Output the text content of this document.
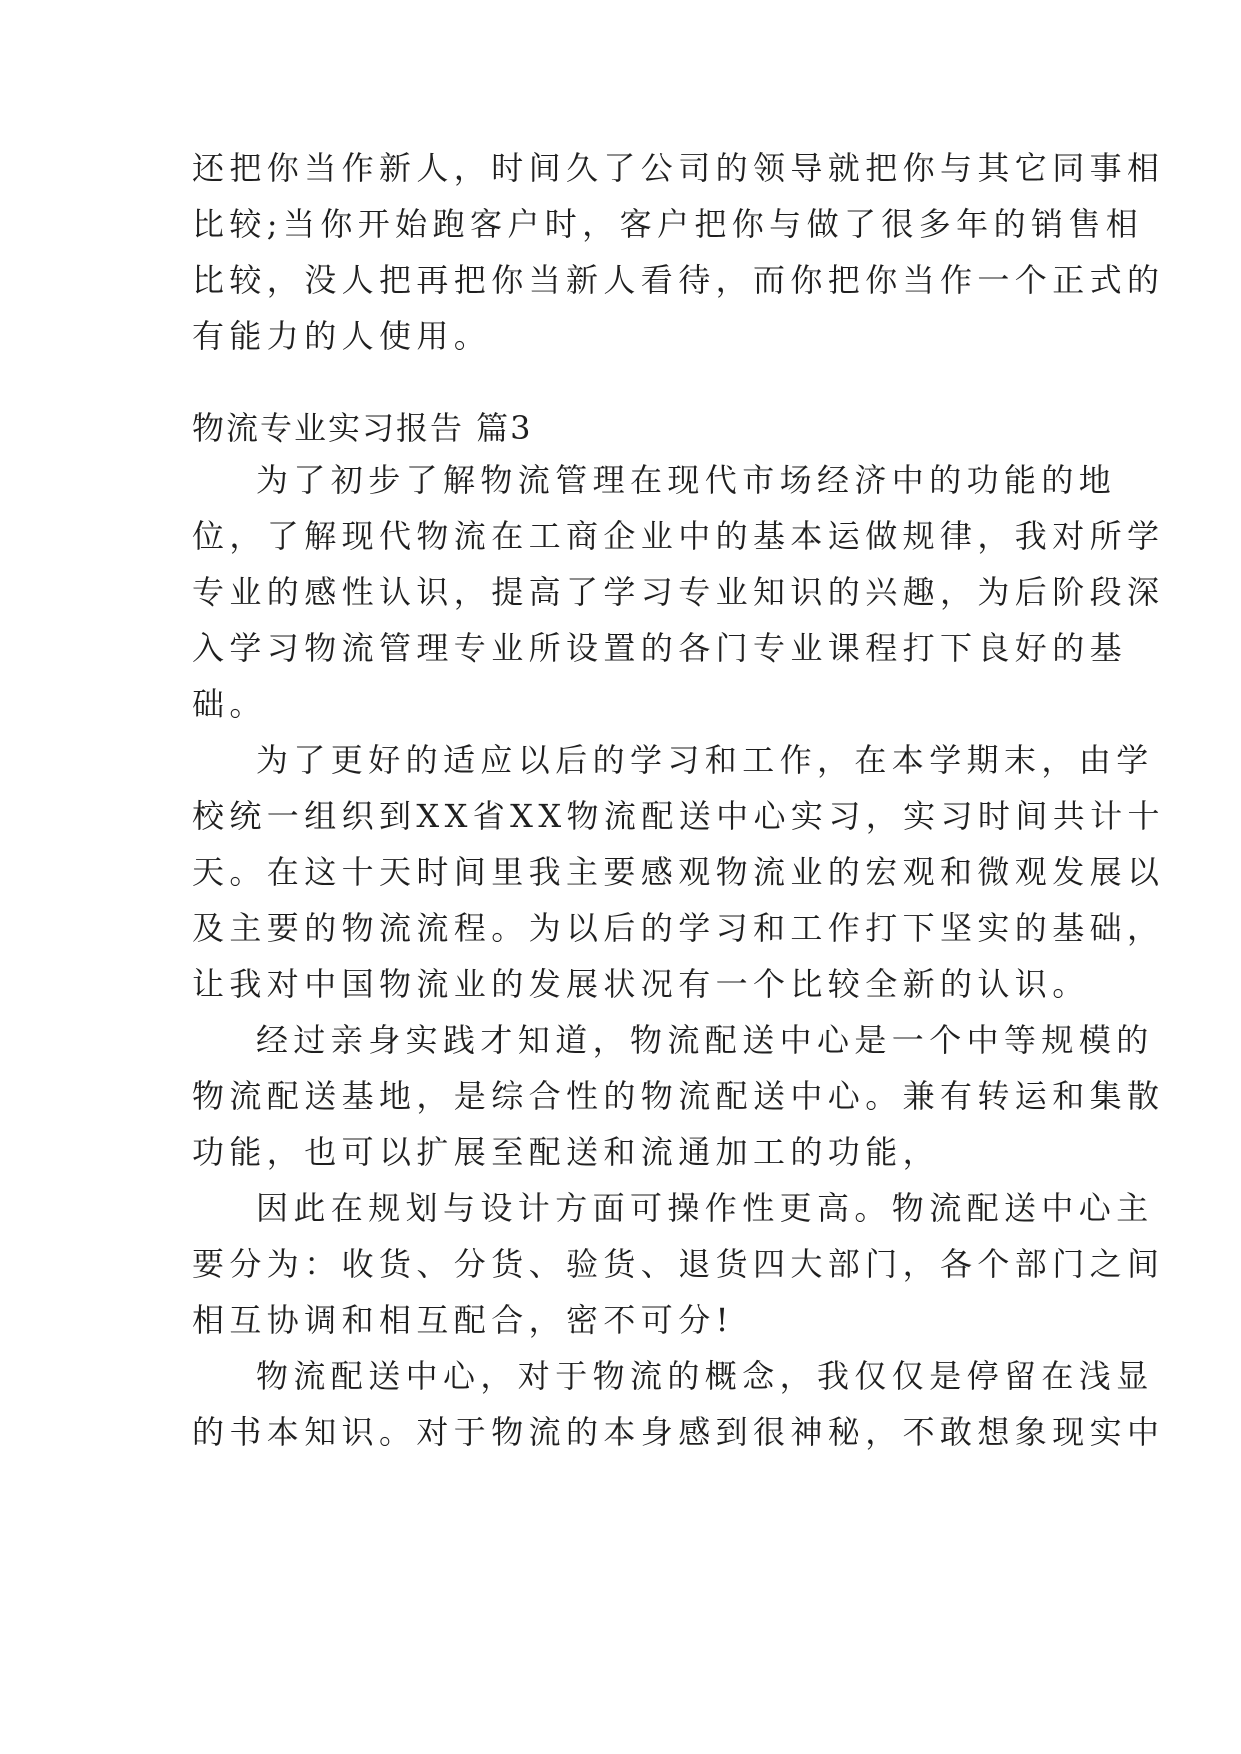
还把你当作新人，时间久了公司的领导就把你与其它同事相
比较;当你开始跑客户时，客户把你与做了很多年的销售相
比较，没人把再把你当新人看待，而你把你当作一个正式的
有能力的人使用。
物流专业实习报告 篇3
为了初步了解物流管理在现代市场经济中的功能的地
位，了解现代物流在工商企业中的基本运做规律，我对所学
专业的感性认识，提高了学习专业知识的兴趣，为后阶段深
入学习物流管理专业所设置的各门专业课程打下良好的基
础。
为了更好的适应以后的学习和工作，在本学期末，由学
校统一组织到XX省XX物流配送中心实习，实习时间共计十
天。在这十天时间里我主要感观物流业的宏观和微观发展以
及主要的物流流程。为以后的学习和工作打下坚实的基础，
让我对中国物流业的发展状况有一个比较全新的认识。
经过亲身实践才知道，物流配送中心是一个中等规模的
物流配送基地，是综合性的物流配送中心。兼有转运和集散
功能，也可以扩展至配送和流通加工的功能，
因此在规划与设计方面可操作性更高。物流配送中心主
要分为：收货、分货、验货、退货四大部门，各个部门之间
相互协调和相互配合，密不可分!
物流配送中心，对于物流的概念，我仅仅是停留在浅显
的书本知识。对于物流的本身感到很神秘，不敢想象现实中
